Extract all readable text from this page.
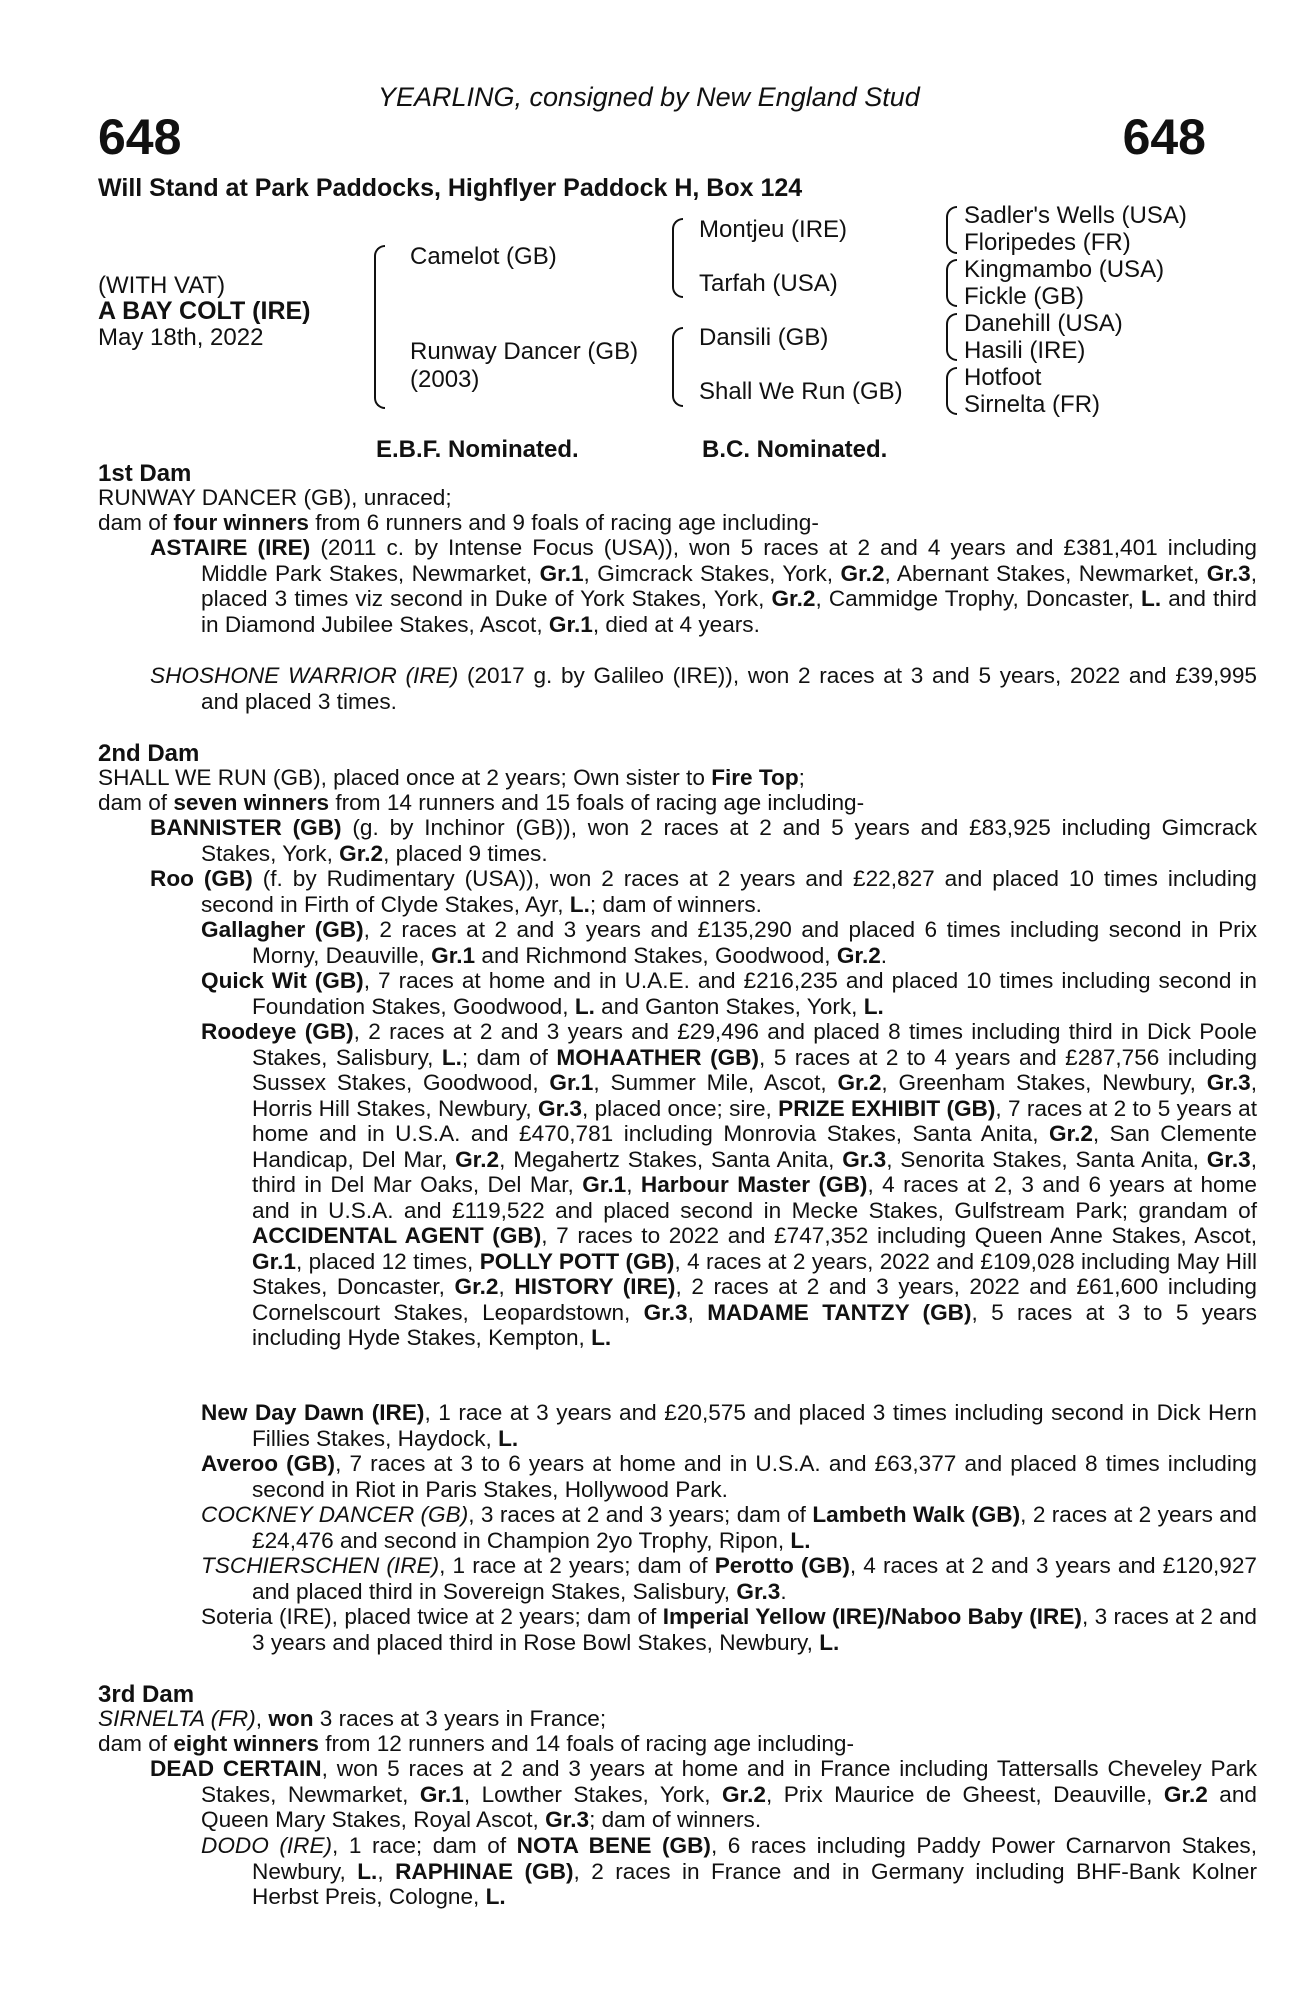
YEARLING, consigned by New England Stud
648	648
Will Stand at Park Paddocks, Highflyer Paddock H, Box 124
(WITH VAT)
A BAY COLT (IRE)
May 18th, 2022
Camelot (GB)
Runway Dancer (GB)
(2003)
Montjeu (IRE)
Tarfah (USA)
Dansili (GB)
Shall We Run (GB)
Sadler's Wells (USA)
Floripedes (FR)
Kingmambo (USA)
Fickle (GB)
Danehill (USA)
Hasili (IRE)
Hotfoot
Sirnelta (FR)
E.B.F. Nominated.	B.C. Nominated.
1st Dam
RUNWAY DANCER (GB), unraced;
dam of four winners from 6 runners and 9 foals of racing age including-
ASTAIRE (IRE) (2011 c. by Intense Focus (USA)), won 5 races at 2 and 4 years and £381,401 including Middle Park Stakes, Newmarket, Gr.1, Gimcrack Stakes, York, Gr.2, Abernant Stakes, Newmarket, Gr.3, placed 3 times viz second in Duke of York Stakes, York, Gr.2, Cammidge Trophy, Doncaster, L. and third in Diamond Jubilee Stakes, Ascot, Gr.1, died at 4 years.
SHOSHONE WARRIOR (IRE) (2017 g. by Galileo (IRE)), won 2 races at 3 and 5 years, 2022 and £39,995 and placed 3 times.
2nd Dam
SHALL WE RUN (GB), placed once at 2 years; Own sister to Fire Top;
dam of seven winners from 14 runners and 15 foals of racing age including-
BANNISTER (GB) (g. by Inchinor (GB)), won 2 races at 2 and 5 years and £83,925 including Gimcrack Stakes, York, Gr.2, placed 9 times.
Roo (GB) (f. by Rudimentary (USA)), won 2 races at 2 years and £22,827 and placed 10 times including second in Firth of Clyde Stakes, Ayr, L.; dam of winners.
Gallagher (GB), 2 races at 2 and 3 years and £135,290 and placed 6 times including second in Prix Morny, Deauville, Gr.1 and Richmond Stakes, Goodwood, Gr.2.
Quick Wit (GB), 7 races at home and in U.A.E. and £216,235 and placed 10 times including second in Foundation Stakes, Goodwood, L. and Ganton Stakes, York, L.
Roodeye (GB), 2 races at 2 and 3 years and £29,496 and placed 8 times including third in Dick Poole Stakes, Salisbury, L.; dam of MOHAATHER (GB), 5 races at 2 to 4 years and £287,756 including Sussex Stakes, Goodwood, Gr.1, Summer Mile, Ascot, Gr.2, Greenham Stakes, Newbury, Gr.3, Horris Hill Stakes, Newbury, Gr.3, placed once; sire, PRIZE EXHIBIT (GB), 7 races at 2 to 5 years at home and in U.S.A. and £470,781 including Monrovia Stakes, Santa Anita, Gr.2, San Clemente Handicap, Del Mar, Gr.2, Megahertz Stakes, Santa Anita, Gr.3, Senorita Stakes, Santa Anita, Gr.3, third in Del Mar Oaks, Del Mar, Gr.1, Harbour Master (GB), 4 races at 2, 3 and 6 years at home and in U.S.A. and £119,522 and placed second in Mecke Stakes, Gulfstream Park; grandam of ACCIDENTAL AGENT (GB), 7 races to 2022 and £747,352 including Queen Anne Stakes, Ascot, Gr.1, placed 12 times, POLLY POTT (GB), 4 races at 2 years, 2022 and £109,028 including May Hill Stakes, Doncaster, Gr.2, HISTORY (IRE), 2 races at 2 and 3 years, 2022 and £61,600 including Cornelscourt Stakes, Leopardstown, Gr.3, MADAME TANTZY (GB), 5 races at 3 to 5 years including Hyde Stakes, Kempton, L.
New Day Dawn (IRE), 1 race at 3 years and £20,575 and placed 3 times including second in Dick Hern Fillies Stakes, Haydock, L.
Averoo (GB), 7 races at 3 to 6 years at home and in U.S.A. and £63,377 and placed 8 times including second in Riot in Paris Stakes, Hollywood Park.
COCKNEY DANCER (GB), 3 races at 2 and 3 years; dam of Lambeth Walk (GB), 2 races at 2 years and £24,476 and second in Champion 2yo Trophy, Ripon, L.
TSCHIERSCHEN (IRE), 1 race at 2 years; dam of Perotto (GB), 4 races at 2 and 3 years and £120,927 and placed third in Sovereign Stakes, Salisbury, Gr.3.
Soteria (IRE), placed twice at 2 years; dam of Imperial Yellow (IRE)/Naboo Baby (IRE), 3 races at 2 and 3 years and placed third in Rose Bowl Stakes, Newbury, L.
3rd Dam
SIRNELTA (FR), won 3 races at 3 years in France;
dam of eight winners from 12 runners and 14 foals of racing age including-
DEAD CERTAIN, won 5 races at 2 and 3 years at home and in France including Tattersalls Cheveley Park Stakes, Newmarket, Gr.1, Lowther Stakes, York, Gr.2, Prix Maurice de Gheest, Deauville, Gr.2 and Queen Mary Stakes, Royal Ascot, Gr.3; dam of winners.
DODO (IRE), 1 race; dam of NOTA BENE (GB), 6 races including Paddy Power Carnarvon Stakes, Newbury, L., RAPHINAE (GB), 2 races in France and in Germany including BHF-Bank Kolner Herbst Preis, Cologne, L.
